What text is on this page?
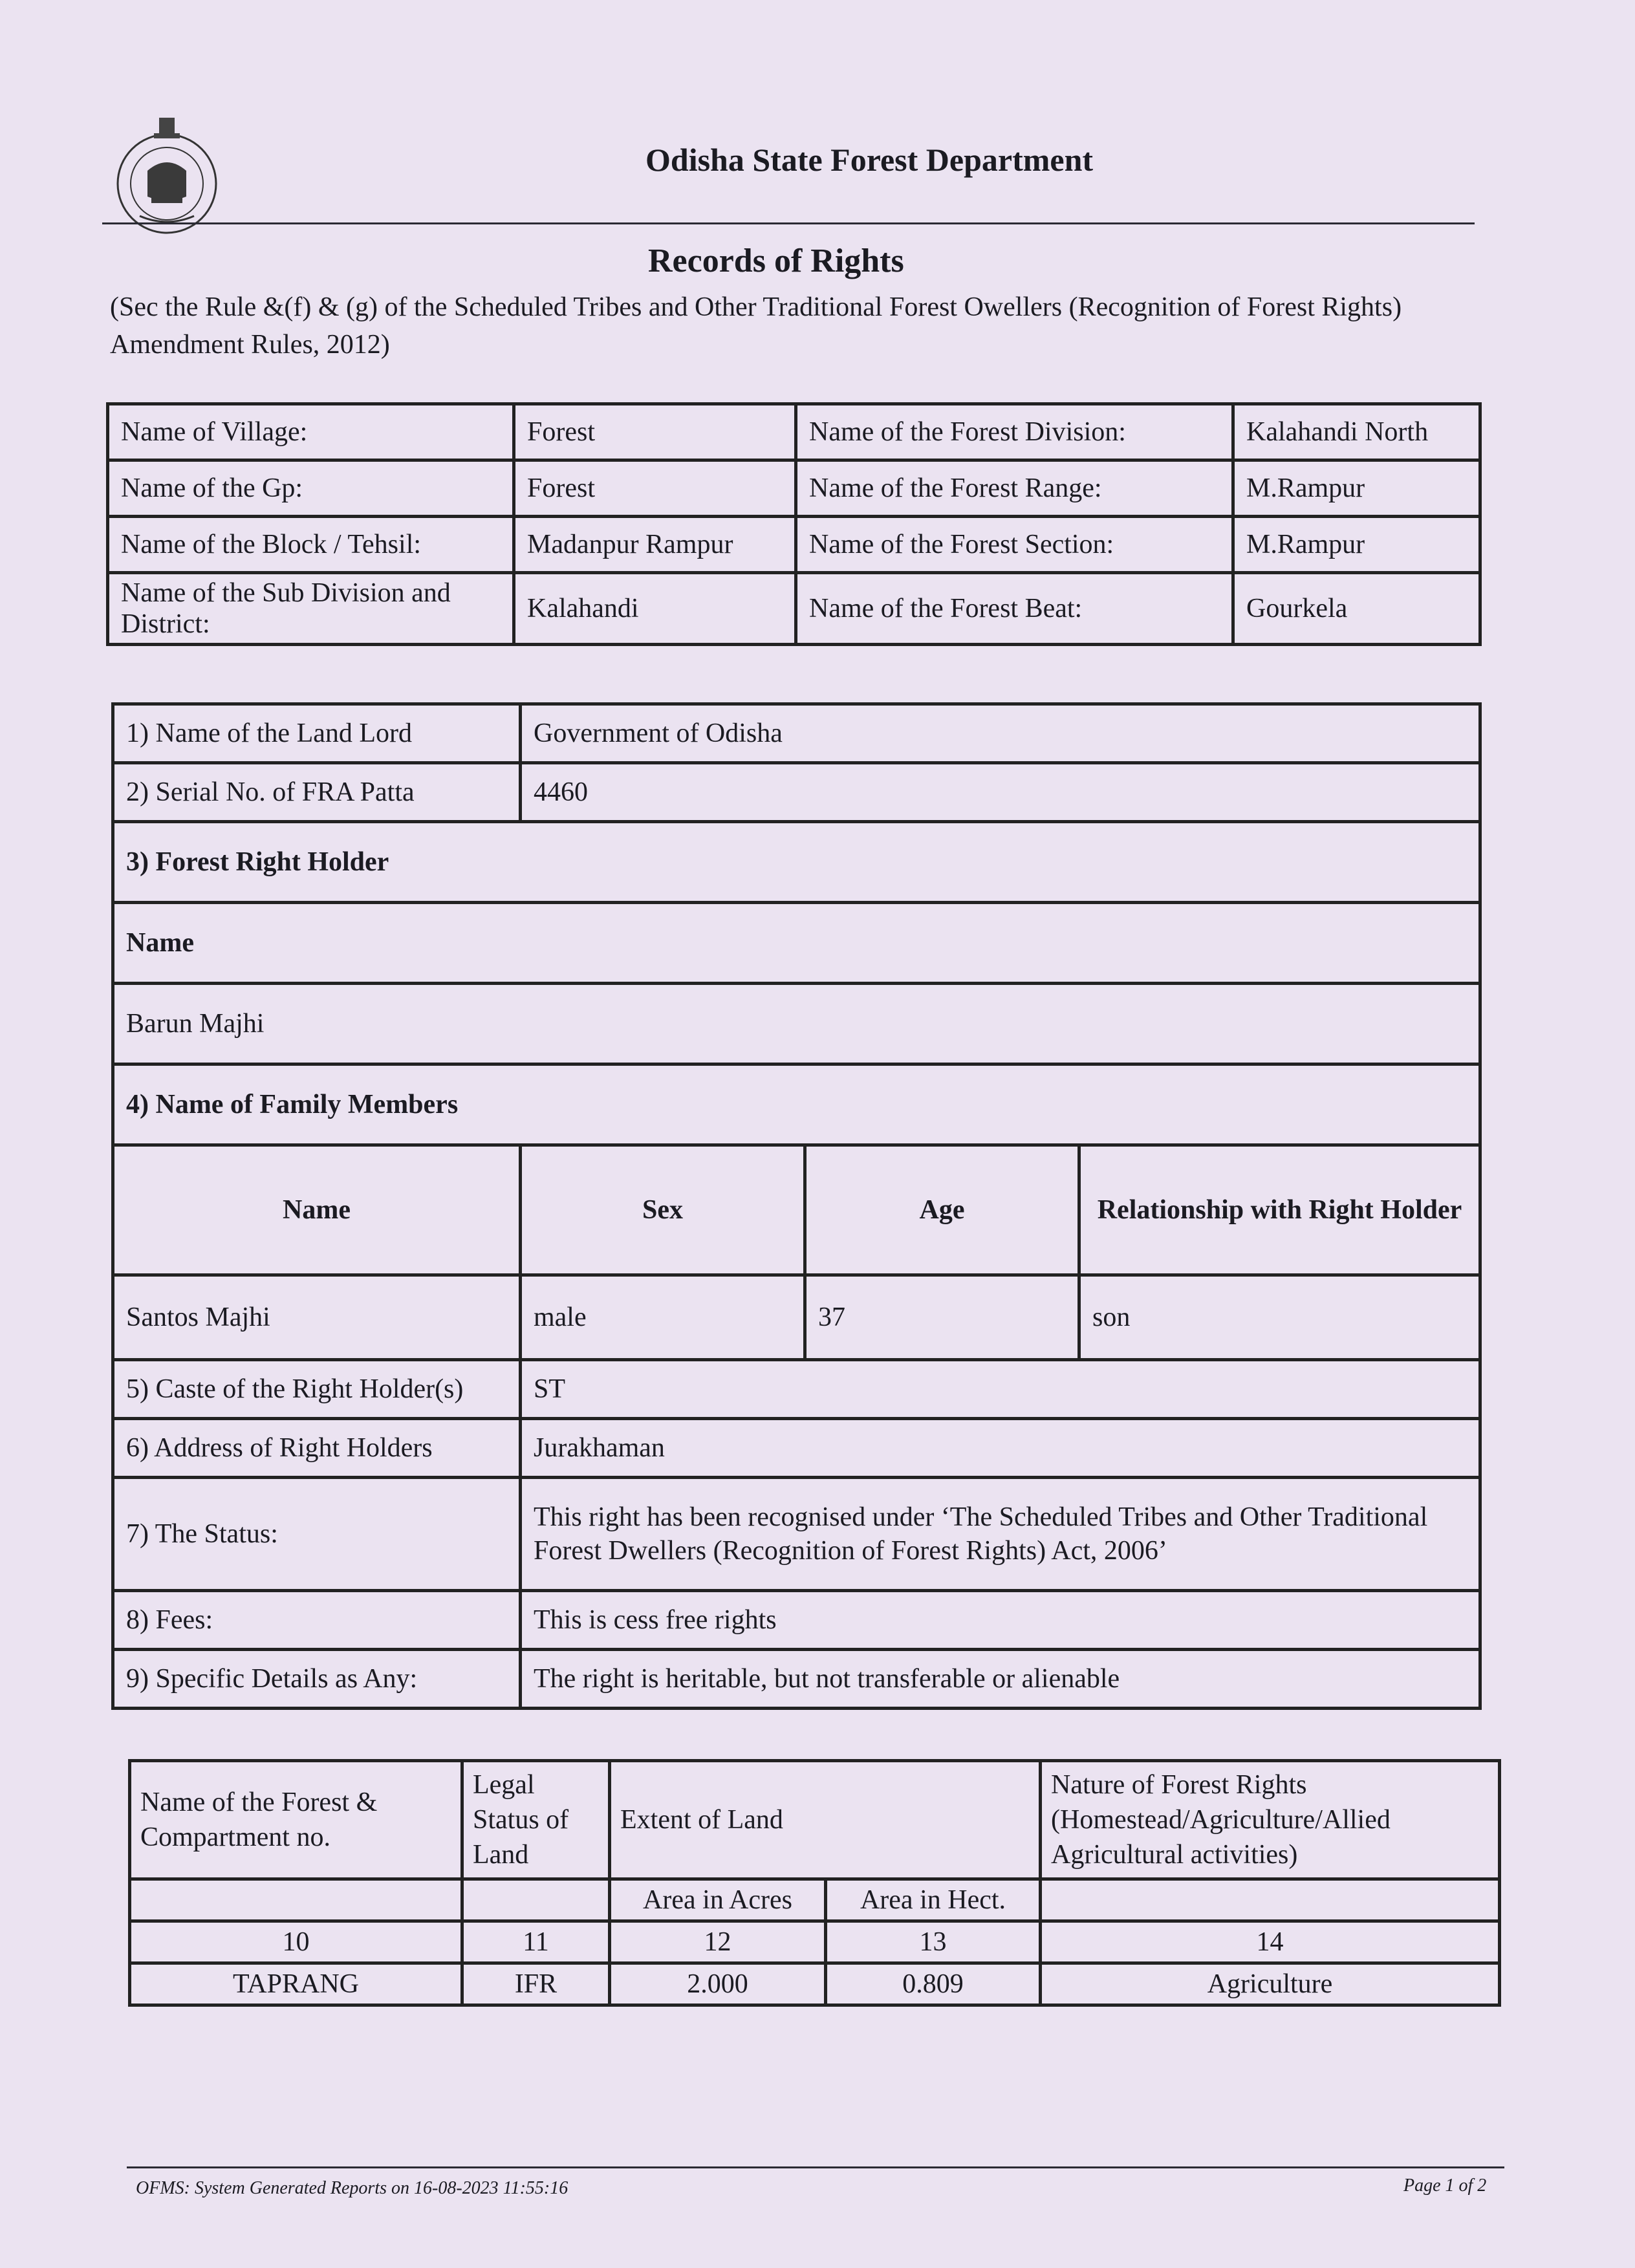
Odisha State Forest Department
Records of Rights
(Sec the Rule &(f) & (g) of the Scheduled Tribes and Other Traditional Forest Owellers (Recognition of Forest Rights) Amendment Rules, 2012)
Name of Village:	Forest	Name of the Forest Division:	Kalahandi North
Name of the Gp:	Forest	Name of the Forest Range:	M.Rampur
Name of the Block / Tehsil:	Madanpur Rampur	Name of the Forest Section:	M.Rampur
Name of the Sub Division and District:	Kalahandi	Name of the Forest Beat:	Gourkela
1) Name of the Land Lord	Government of Odisha		
2) Serial No. of FRA Patta	4460		
3) Forest Right Holder			
Name			
Barun Majhi			
4) Name of Family Members			
Name	Sex	Age	Relationship with Right Holder
Santos Majhi	male	37	son
5) Caste of the Right Holder(s)	ST		
6) Address of Right Holders	Jurakhaman		
7) The Status:	This right has been recognised under ‘The Scheduled Tribes and Other Traditional
Forest Dwellers (Recognition of Forest Rights) Act, 2006’		

8) Fees:	This is cess free rights		
9) Specific Details as Any:	The right is heritable, but not transferable or alienable		
Name of the Forest & Compartment no.	Legal Status of Land	Extent of Land		Nature of Forest Rights (Homestead/Agriculture/Allied Agricultural activities)
		Area in Acres	Area in Hect.	
10	11	12	13	14
TAPRANG	IFR	2.000	0.809	Agriculture
OFMS: System Generated Reports on 16-08-2023 11:55:16	Page 1 of 2
